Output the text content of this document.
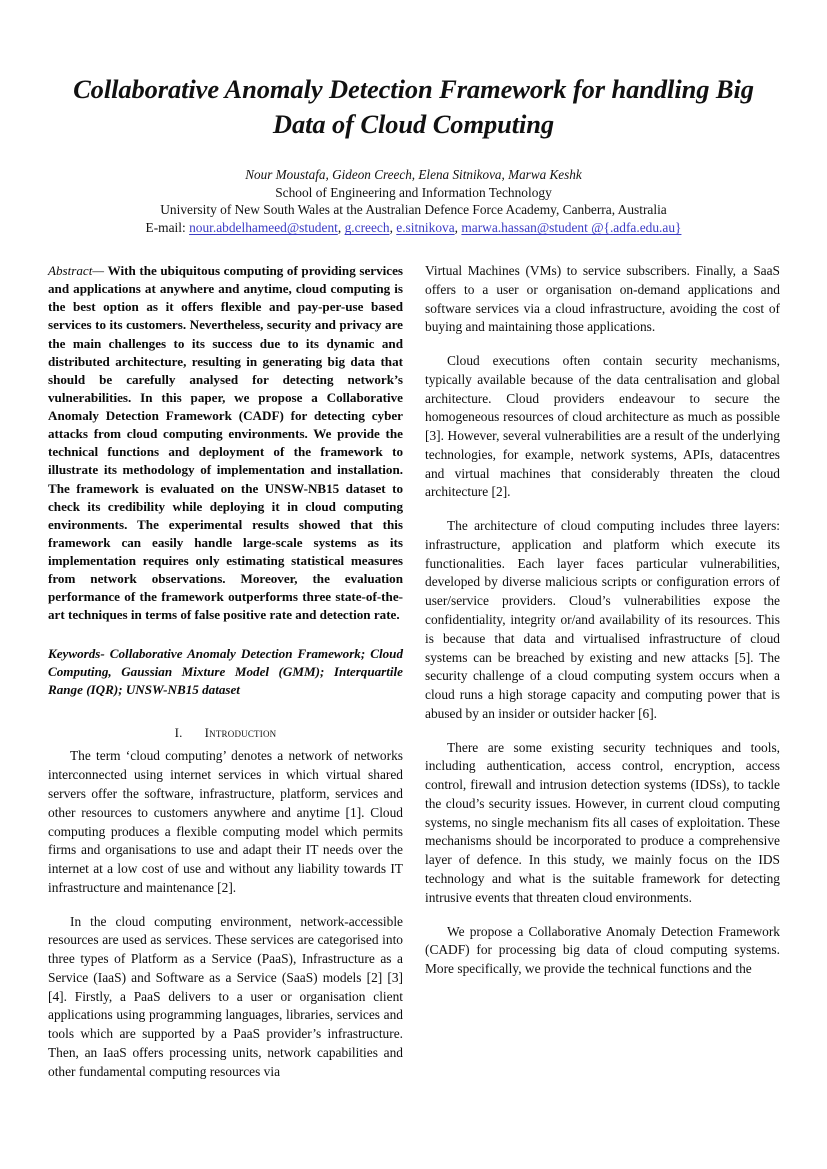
Collaborative Anomaly Detection Framework for handling Big Data of Cloud Computing
Nour Moustafa, Gideon Creech, Elena Sitnikova, Marwa Keshk
School of Engineering and Information Technology
University of New South Wales at the Australian Defence Force Academy, Canberra, Australia
E-mail: nour.abdelhameed@student, g.creech, e.sitnikova, marwa.hassan@student @{.adfa.edu.au}

Abstract— With the ubiquitous computing of providing services and applications at anywhere and anytime, cloud computing is the best option as it offers flexible and pay-per-use based services to its customers. Nevertheless, security and privacy are the main challenges to its success due to its dynamic and distributed architecture, resulting in generating big data that should be carefully analysed for detecting network’s vulnerabilities. In this paper, we propose a Collaborative Anomaly Detection Framework (CADF) for detecting cyber attacks from cloud computing environments. We provide the technical functions and deployment of the framework to illustrate its methodology of implementation and installation. The framework is evaluated on the UNSW-NB15 dataset to check its credibility while deploying it in cloud computing environments. The experimental results showed that this framework can easily handle large-scale systems as its implementation requires only estimating statistical measures from network observations. Moreover, the evaluation performance of the framework outperforms three state-of-the-art techniques in terms of false positive rate and detection rate.

Keywords- Collaborative Anomaly Detection Framework; Cloud Computing, Gaussian Mixture Model (GMM); Interquartile Range (IQR); UNSW-NB15 dataset

I. Introduction

The term ‘cloud computing’ denotes a network of networks interconnected using internet services in which virtual shared servers offer the software, infrastructure, platform, services and other resources to customers anywhere and anytime [1]. Cloud computing produces a flexible computing model which permits firms and organisations to use and adapt their IT needs over the internet at a low cost of use and without any liability towards IT infrastructure and maintenance [2].

In the cloud computing environment, network-accessible resources are used as services. These services are categorised into three types of Platform as a Service (PaaS), Infrastructure as a Service (IaaS) and Software as a Service (SaaS) models [2] [3] [4]. Firstly, a PaaS delivers to a user or organisation client applications using programming languages, libraries, services and tools which are supported by a PaaS provider’s infrastructure. Then, an IaaS offers processing units, network capabilities and other fundamental computing resources via

Virtual Machines (VMs) to service subscribers. Finally, a SaaS offers to a user or organisation on-demand applications and software services via a cloud infrastructure, avoiding the cost of buying and maintaining those applications.

Cloud executions often contain security mechanisms, typically available because of the data centralisation and global architecture. Cloud providers endeavour to secure the homogeneous resources of cloud architecture as much as possible [3]. However, several vulnerabilities are a result of the underlying technologies, for example, network systems, APIs, datacentres and virtual machines that considerably threaten the cloud architecture [2].

The architecture of cloud computing includes three layers: infrastructure, application and platform which execute its functionalities. Each layer faces particular vulnerabilities, developed by diverse malicious scripts or configuration errors of user/service providers. Cloud’s vulnerabilities expose the confidentiality, integrity or/and availability of its resources. This is because that data and virtualised infrastructure of cloud systems can be breached by existing and new attacks [5]. The security challenge of a cloud computing system occurs when a cloud runs a high storage capacity and computing power that is abused by an insider or outsider hacker [6].

There are some existing security techniques and tools, including authentication, access control, encryption, access control, firewall and intrusion detection systems (IDSs), to tackle the cloud’s security issues. However, in current cloud computing systems, no single mechanism fits all cases of exploitation. These mechanisms should be incorporated to produce a comprehensive layer of defence. In this study, we mainly focus on the IDS technology and what is the suitable framework for detecting intrusive events that threaten cloud environments.

We propose a Collaborative Anomaly Detection Framework (CADF) for processing big data of cloud computing systems. More specifically, we provide the technical functions and the
